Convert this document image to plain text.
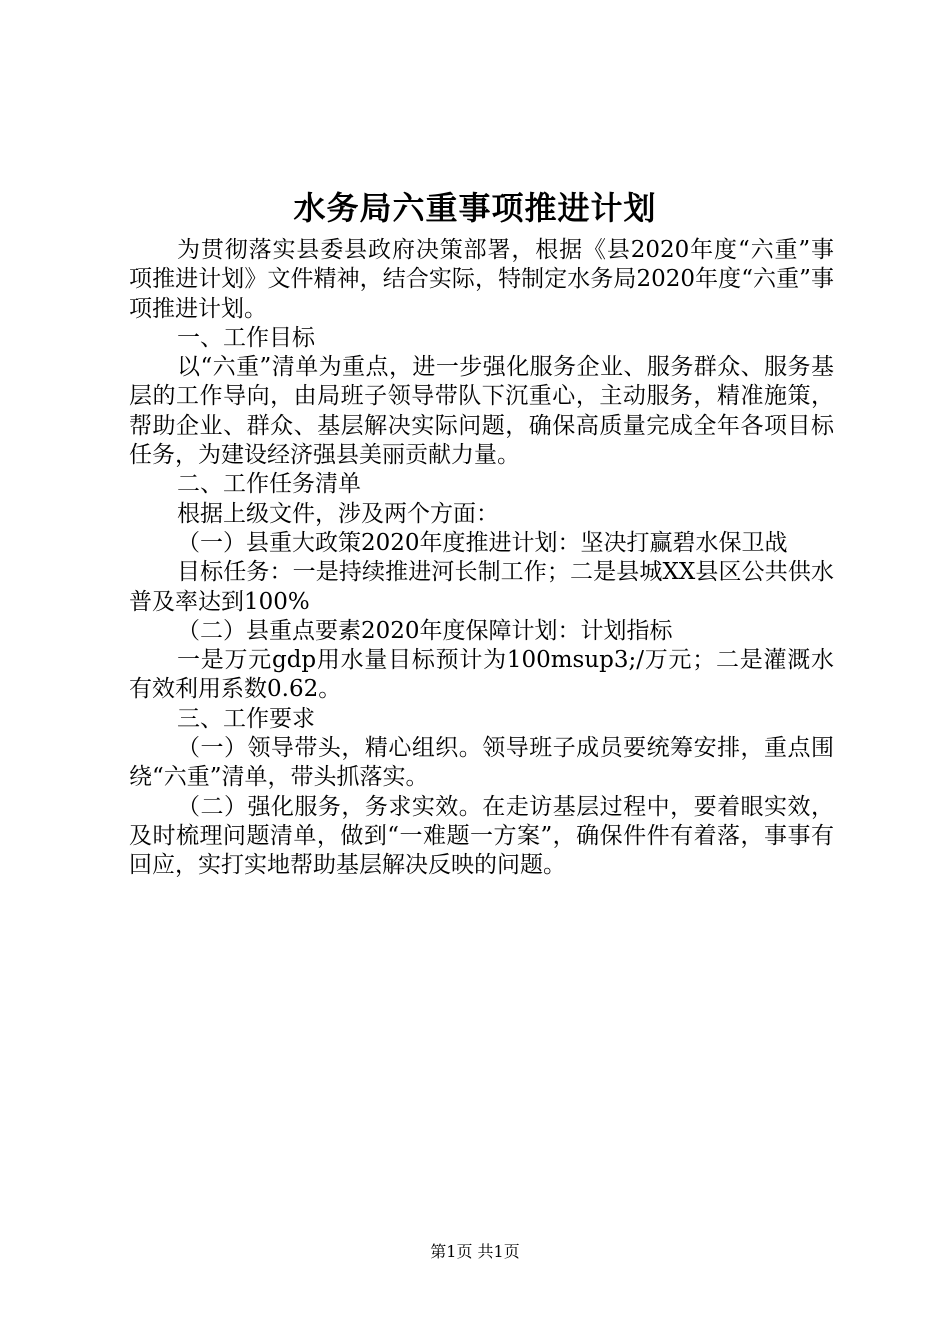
水务局六重事项推进计划

为贯彻落实县委县政府决策部署，根据《县2020年度“六重”事项推进计划》文件精神，结合实际，特制定水务局2020年度“六重”事项推进计划。

一、工作目标

以“六重”清单为重点，进一步强化服务企业、服务群众、服务基层的工作导向，由局班子领导带队下沉重心，主动服务，精准施策，帮助企业、群众、基层解决实际问题，确保高质量完成全年各项目标任务，为建设经济强县美丽贡献力量。

二、工作任务清单

根据上级文件，涉及两个方面：

（一）县重大政策2020年度推进计划：坚决打赢碧水保卫战

目标任务：一是持续推进河长制工作；二是县城XX县区公共供水普及率达到100%

（二）县重点要素2020年度保障计划：计划指标

一是万元gdp用水量目标预计为100msup3;/万元；二是灌溉水有效利用系数0.62。

三、工作要求

（一）领导带头，精心组织。领导班子成员要统筹安排，重点围绕“六重”清单，带头抓落实。

（二）强化服务，务求实效。在走访基层过程中，要着眼实效，及时梳理问题清单，做到“一难题一方案”，确保件件有着落，事事有回应，实打实地帮助基层解决反映的问题。

第1页 共1页
